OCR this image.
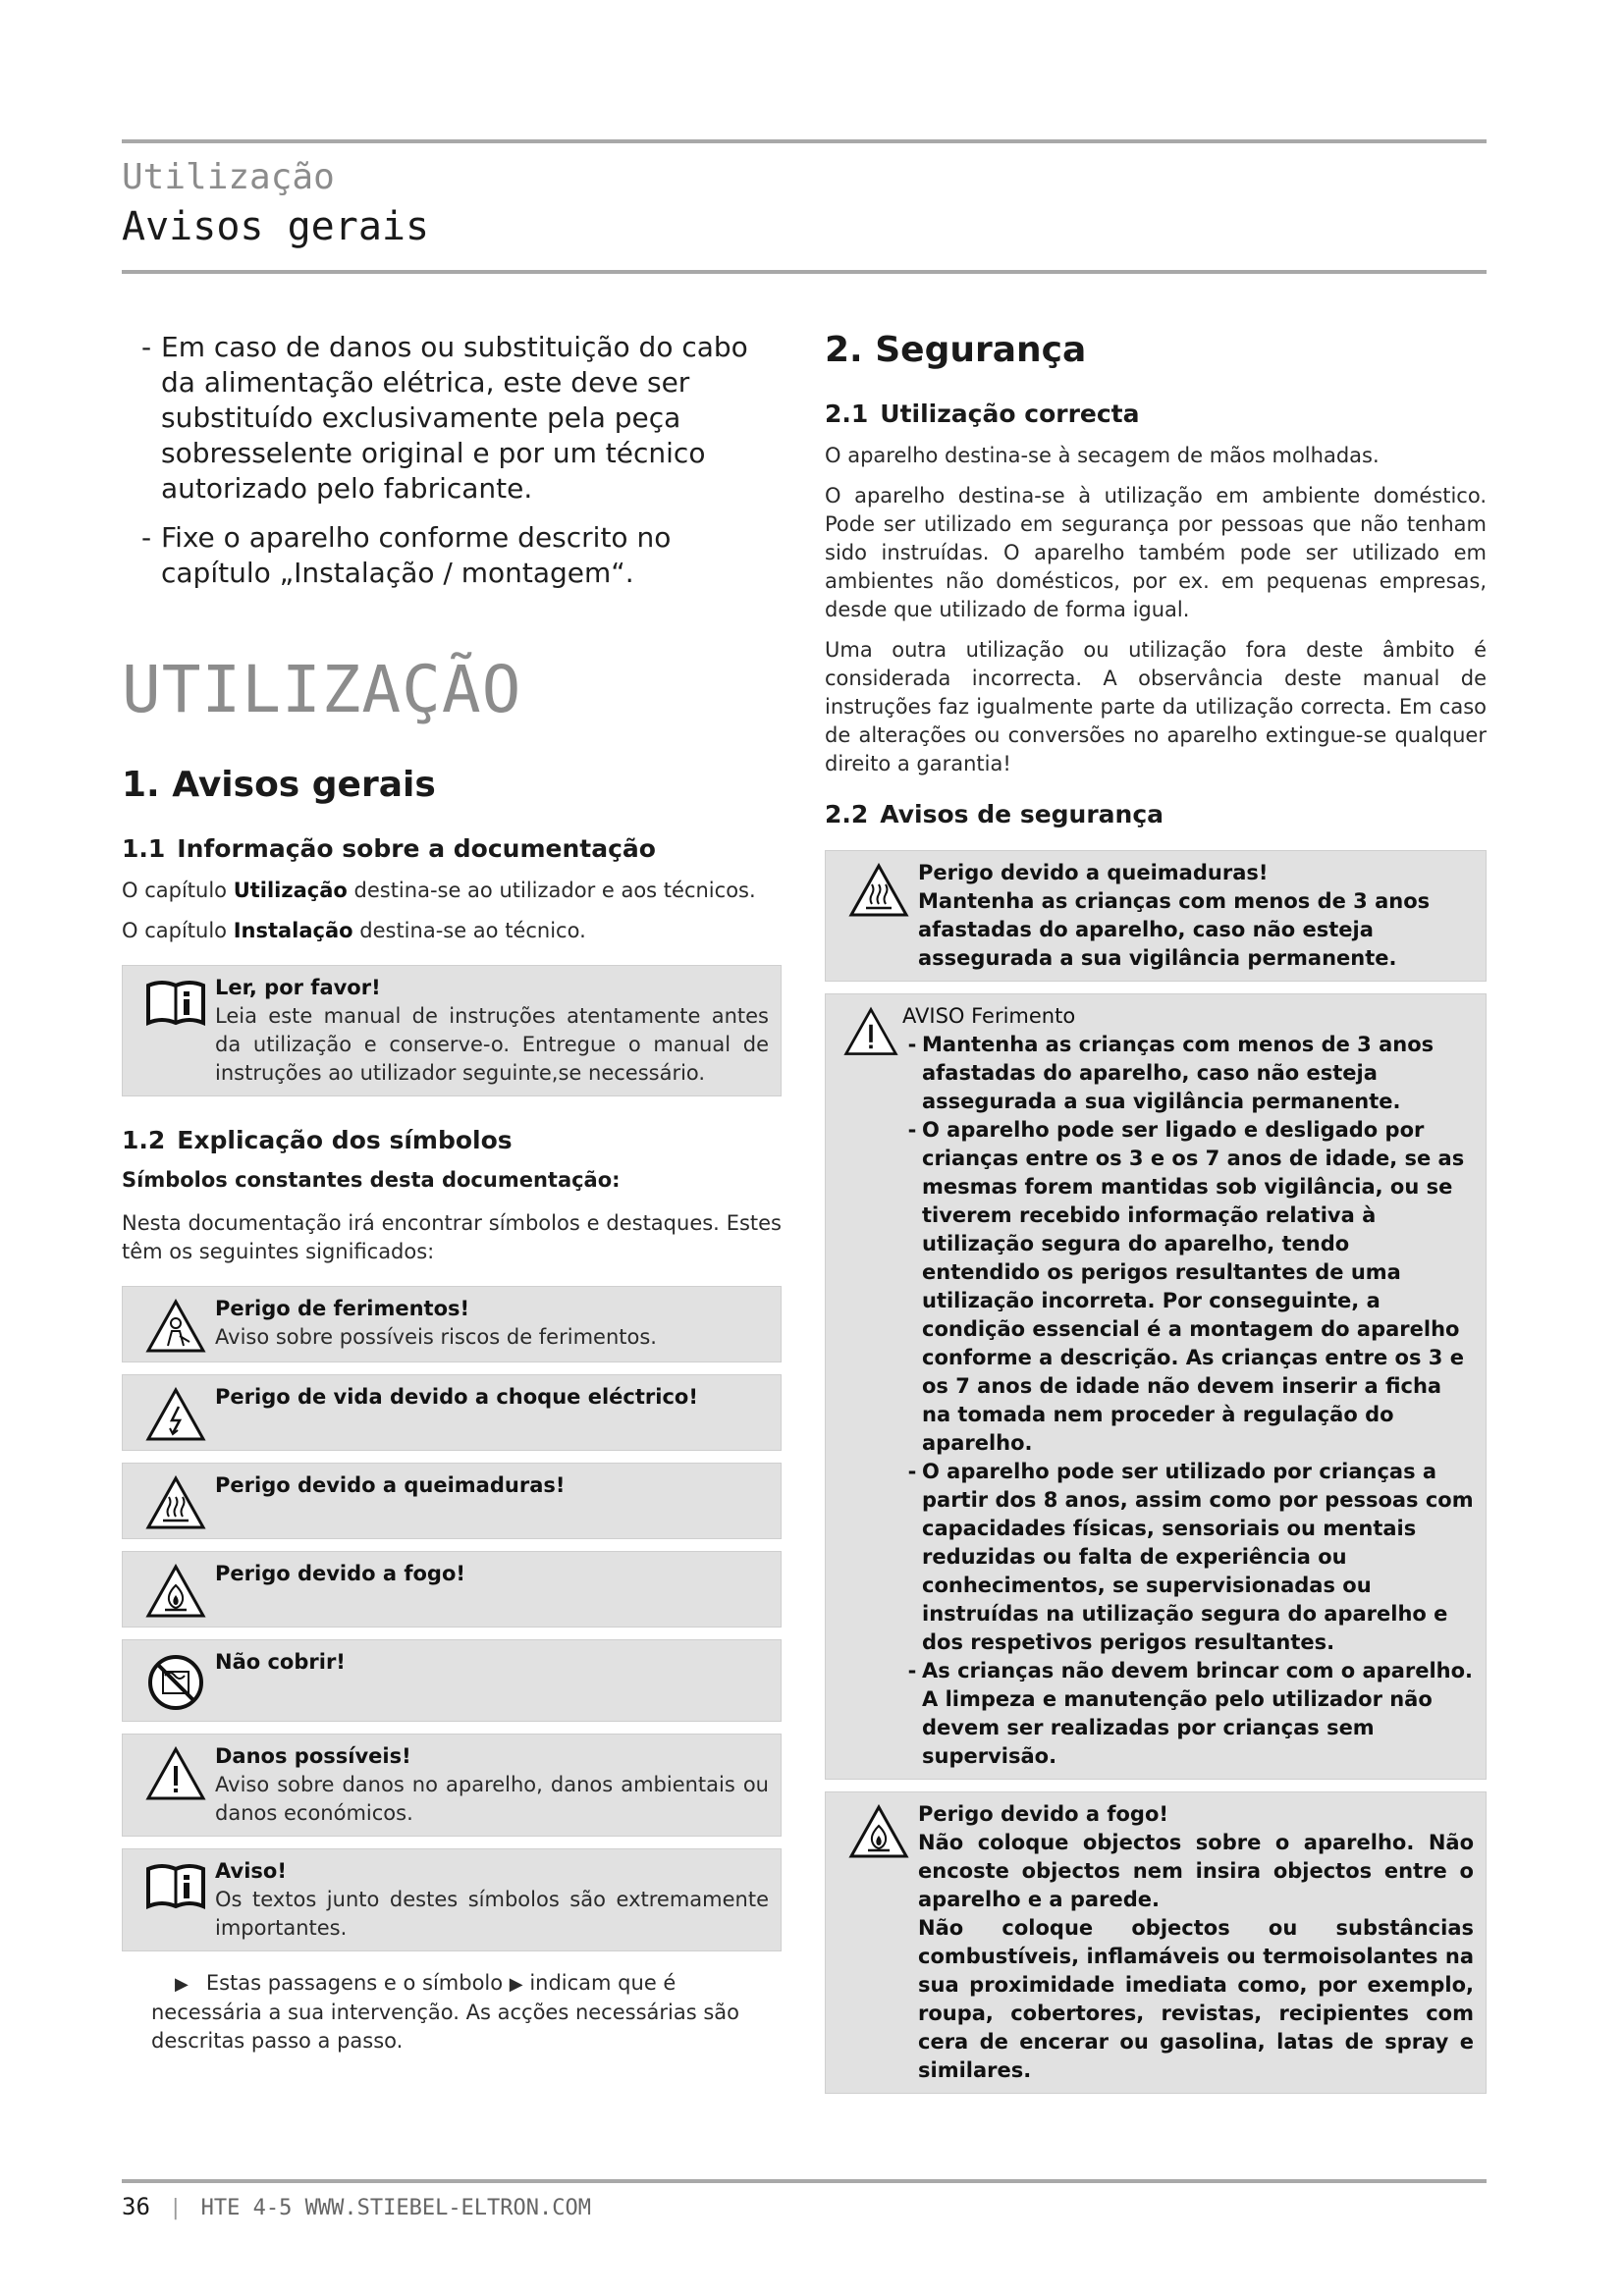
Utilização
Avisos gerais
- Em caso de danos ou substituição do cabo da alimentação elétrica, este deve ser substituído exclusivamente pela peça sobresselente original e por um técnico autorizado pelo fabricante.
- Fixe o aparelho conforme descrito no capítulo „Instalação / montagem“.
UTILIZAÇÃO
1. Avisos gerais
1.1 Informação sobre a documentação
O capítulo Utilização destina-se ao utilizador e aos técnicos.
O capítulo Instalação destina-se ao técnico.
Ler, por favor!
Leia este manual de instruções atentamente antes da utilização e conserve-o. Entregue o manual de instruções ao utilizador seguinte,se necessário.
1.2 Explicação dos símbolos
Símbolos constantes desta documentação:
Nesta documentação irá encontrar símbolos e destaques. Estes têm os seguintes significados:
Perigo de ferimentos!
Aviso sobre possíveis riscos de ferimentos.
Perigo de vida devido a choque eléctrico!
Perigo devido a queimaduras!
Perigo devido a fogo!
Não cobrir!
Danos possíveis!
Aviso sobre danos no aparelho, danos ambientais ou danos económicos.
Aviso!
Os textos junto destes símbolos são extremamente importantes.
▶ Estas passagens e o símbolo ▶ indicam que é necessária a sua intervenção. As acções necessárias são descritas passo a passo.
2. Segurança
2.1 Utilização correcta
O aparelho destina-se à secagem de mãos molhadas.
O aparelho destina-se à utilização em ambiente doméstico. Pode ser utilizado em segurança por pessoas que não tenham sido instruídas. O aparelho também pode ser utilizado em ambientes não domésticos, por ex. em pequenas empresas, desde que utilizado de forma igual.
Uma outra utilização ou utilização fora deste âmbito é considerada incorrecta. A observância deste manual de instruções faz igualmente parte da utilização correcta. Em caso de alterações ou conversões no aparelho extingue-se qualquer direito a garantia!
2.2 Avisos de segurança
Perigo devido a queimaduras!
Mantenha as crianças com menos de 3 anos afastadas do aparelho, caso não esteja assegurada a sua vigilância permanente.
AVISO Ferimento
- Mantenha as crianças com menos de 3 anos afastadas do aparelho, caso não esteja assegurada a sua vigilância permanente.
- O aparelho pode ser ligado e desligado por crianças entre os 3 e os 7 anos de idade, se as mesmas forem mantidas sob vigilância, ou se tiverem recebido informação relativa à utilização segura do aparelho, tendo entendido os perigos resultantes de uma utilização incorreta. Por conseguinte, a condição essencial é a montagem do aparelho conforme a descrição. As crianças entre os 3 e os 7 anos de idade não devem inserir a ficha na tomada nem proceder à regulação do aparelho.
- O aparelho pode ser utilizado por crianças a partir dos 8 anos, assim como por pessoas com capacidades físicas, sensoriais ou mentais reduzidas ou falta de experiência ou conhecimentos, se supervisionadas ou instruídas na utilização segura do aparelho e dos respetivos perigos resultantes.
- As crianças não devem brincar com o aparelho. A limpeza e manutenção pelo utilizador não devem ser realizadas por crianças sem supervisão.
Perigo devido a fogo!
Não coloque objectos sobre o aparelho. Não encoste objectos nem insira objectos entre o aparelho e a parede.
Não coloque objectos ou substâncias combustíveis, inflamáveis ou termoisolantes na sua proximidade imediata como, por exemplo, roupa, cobertores, revistas, recipientes com cera de encerar ou gasolina, latas de spray e similares.
36 | HTE 4-5 WWW.STIEBEL-ELTRON.COM
